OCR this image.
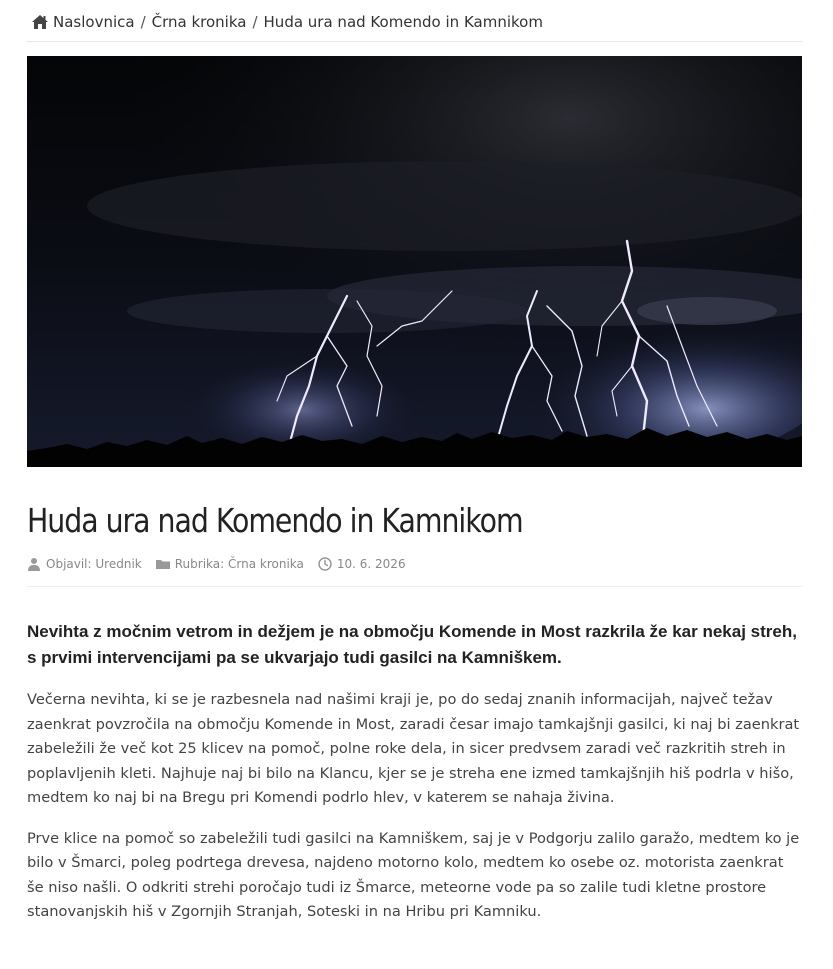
Naslovnica / Črna kronika / Huda ura nad Komendo in Kamnikom
Huda ura nad Komendo in Kamnikom
Objavil:
Urednik	Rubrika:
Črna kronika	10. 6. 2026

Nevihta z močnim vetrom in dežjem je na območju Komende in Most razkrila že kar nekaj streh, s prvimi intervencijami pa se ukvarjajo tudi gasilci na Kamniškem.

Večerna nevihta, ki se je razbesnela nad našimi kraji je, po do sedaj znanih informacijah, največ težav zaenkrat povzročila na območju Komende in Most, zaradi česar imajo tamkajšnji gasilci, ki naj bi zaenkrat zabeležili že več kot 25 klicev na pomoč, polne roke dela, in sicer predvsem zaradi več razkritih streh in poplavljenih kleti. Najhuje naj bi bilo na Klancu, kjer se je streha ene izmed tamkajšnjih hiš podrla v hišo, medtem ko naj bi na Bregu pri Komendi podrlo hlev, v katerem se nahaja živina.

Prve klice na pomoč so zabeležili tudi gasilci na Kamniškem, saj je v Podgorju zalilo garažo, medtem ko je bilo v Šmarci, poleg podrtega drevesa, najdeno motorno kolo, medtem ko osebe oz. motorista zaenkrat še niso našli. O odkriti strehi poročajo tudi iz Šmarce, meteorne vode pa so zalile tudi kletne prostore stanovanjskih hiš v Zgornjih Stranjah, Soteski in na Hribu pri Kamniku.
